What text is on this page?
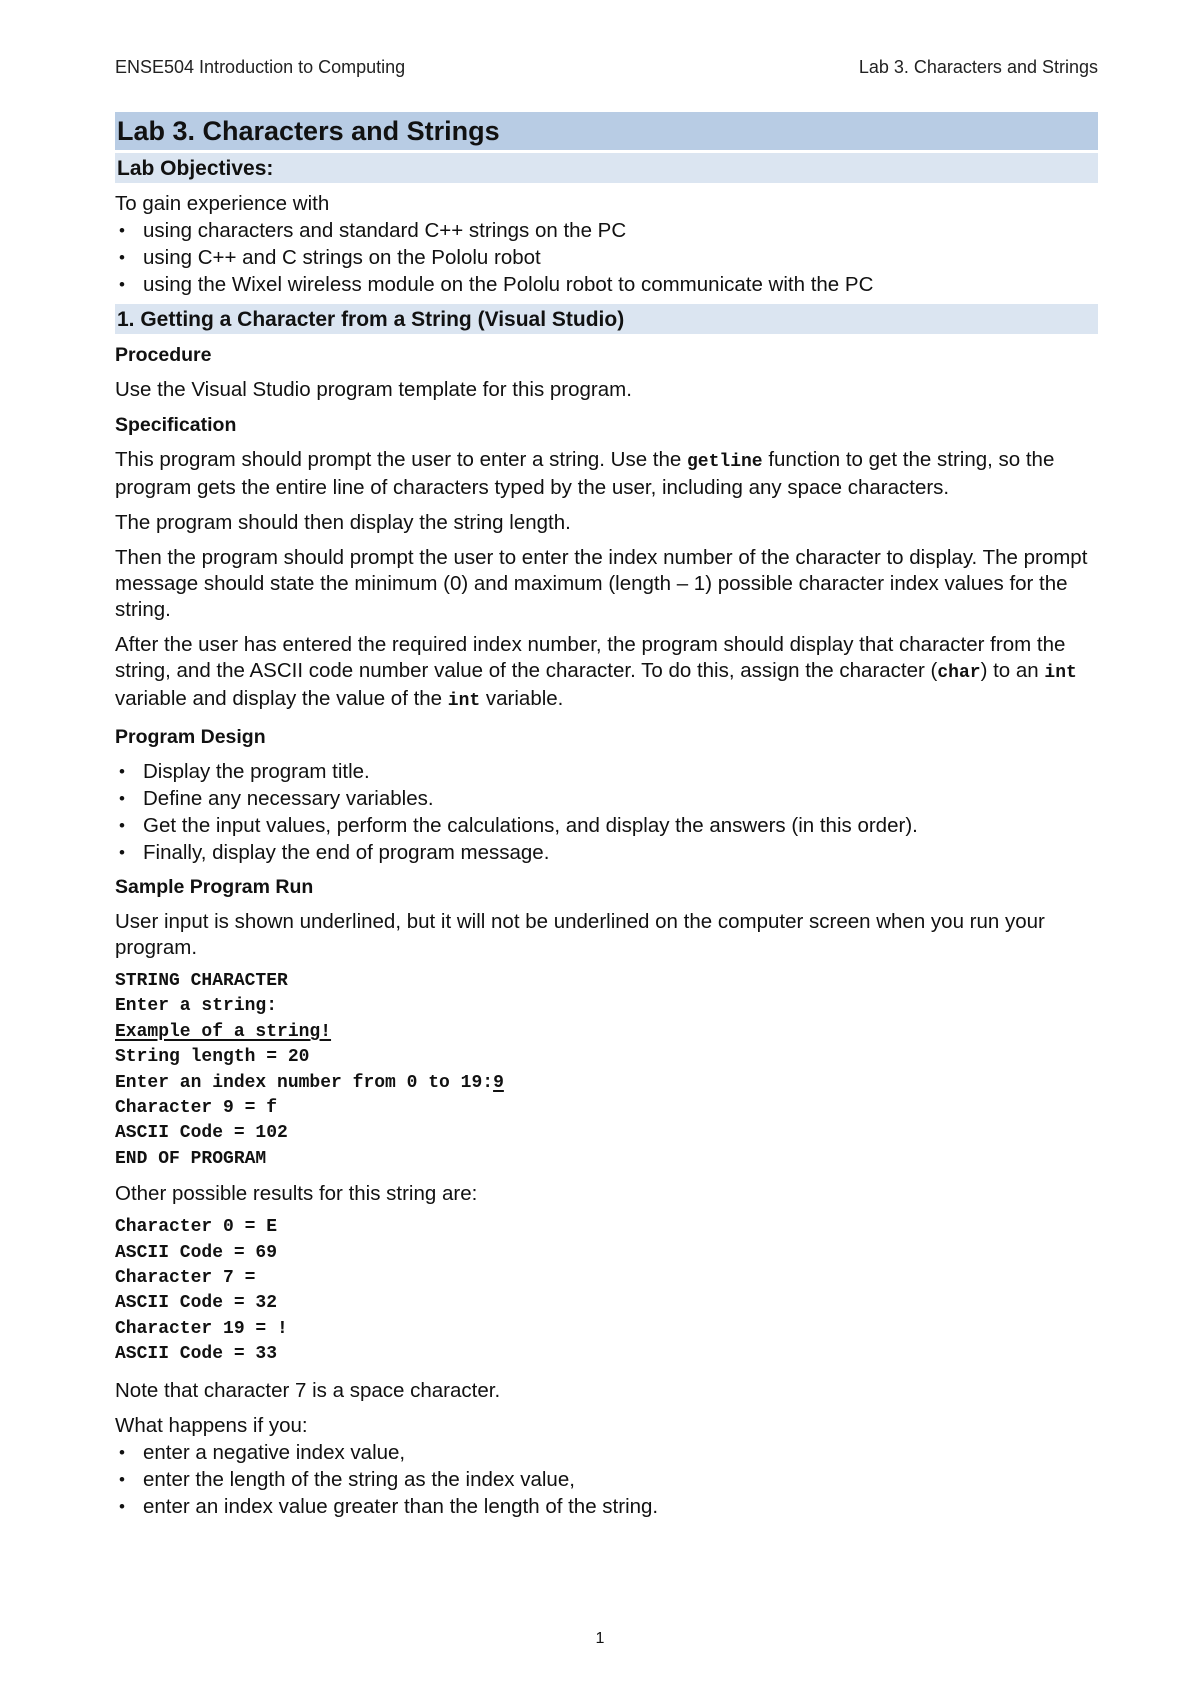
ENSE504 Introduction to Computing	Lab 3. Characters and Strings
Lab 3. Characters and Strings
Lab Objectives:

To gain experience with

• using characters and standard C++ strings on the PC
• using C++ and C strings on the Pololu robot
• using the Wixel wireless module on the Pololu robot to communicate with the PC
1. Getting a Character from a String (Visual Studio)

Procedure

Use the Visual Studio program template for this program.

Specification

This program should prompt the user to enter a string. Use the getline function to get the string, so the program gets the entire line of characters typed by the user, including any space characters.

The program should then display the string length.

Then the program should prompt the user to enter the index number of the character to display. The prompt message should state the minimum (0) and maximum (length – 1) possible character index values for the string.

After the user has entered the required index number, the program should display that character from the string, and the ASCII code number value of the character. To do this, assign the character (char) to an int variable and display the value of the int variable.

Program Design

• Display the program title.
• Define any necessary variables.
• Get the input values, perform the calculations, and display the answers (in this order).
• Finally, display the end of program message.

Sample Program Run

User input is shown underlined, but it will not be underlined on the computer screen when you run your program.

STRING CHARACTER
Enter a string:
Example of a string!
String length = 20
Enter an index number from 0 to 19:9
Character 9 = f
ASCII Code = 102
END OF PROGRAM

Other possible results for this string are:

Character 0 = E
ASCII Code = 69
Character 7 =
ASCII Code = 32
Character 19 = !
ASCII Code = 33

Note that character 7 is a space character.

What happens if you:

• enter a negative index value,
• enter the length of the string as the index value,
• enter an index value greater than the length of the string.
1
